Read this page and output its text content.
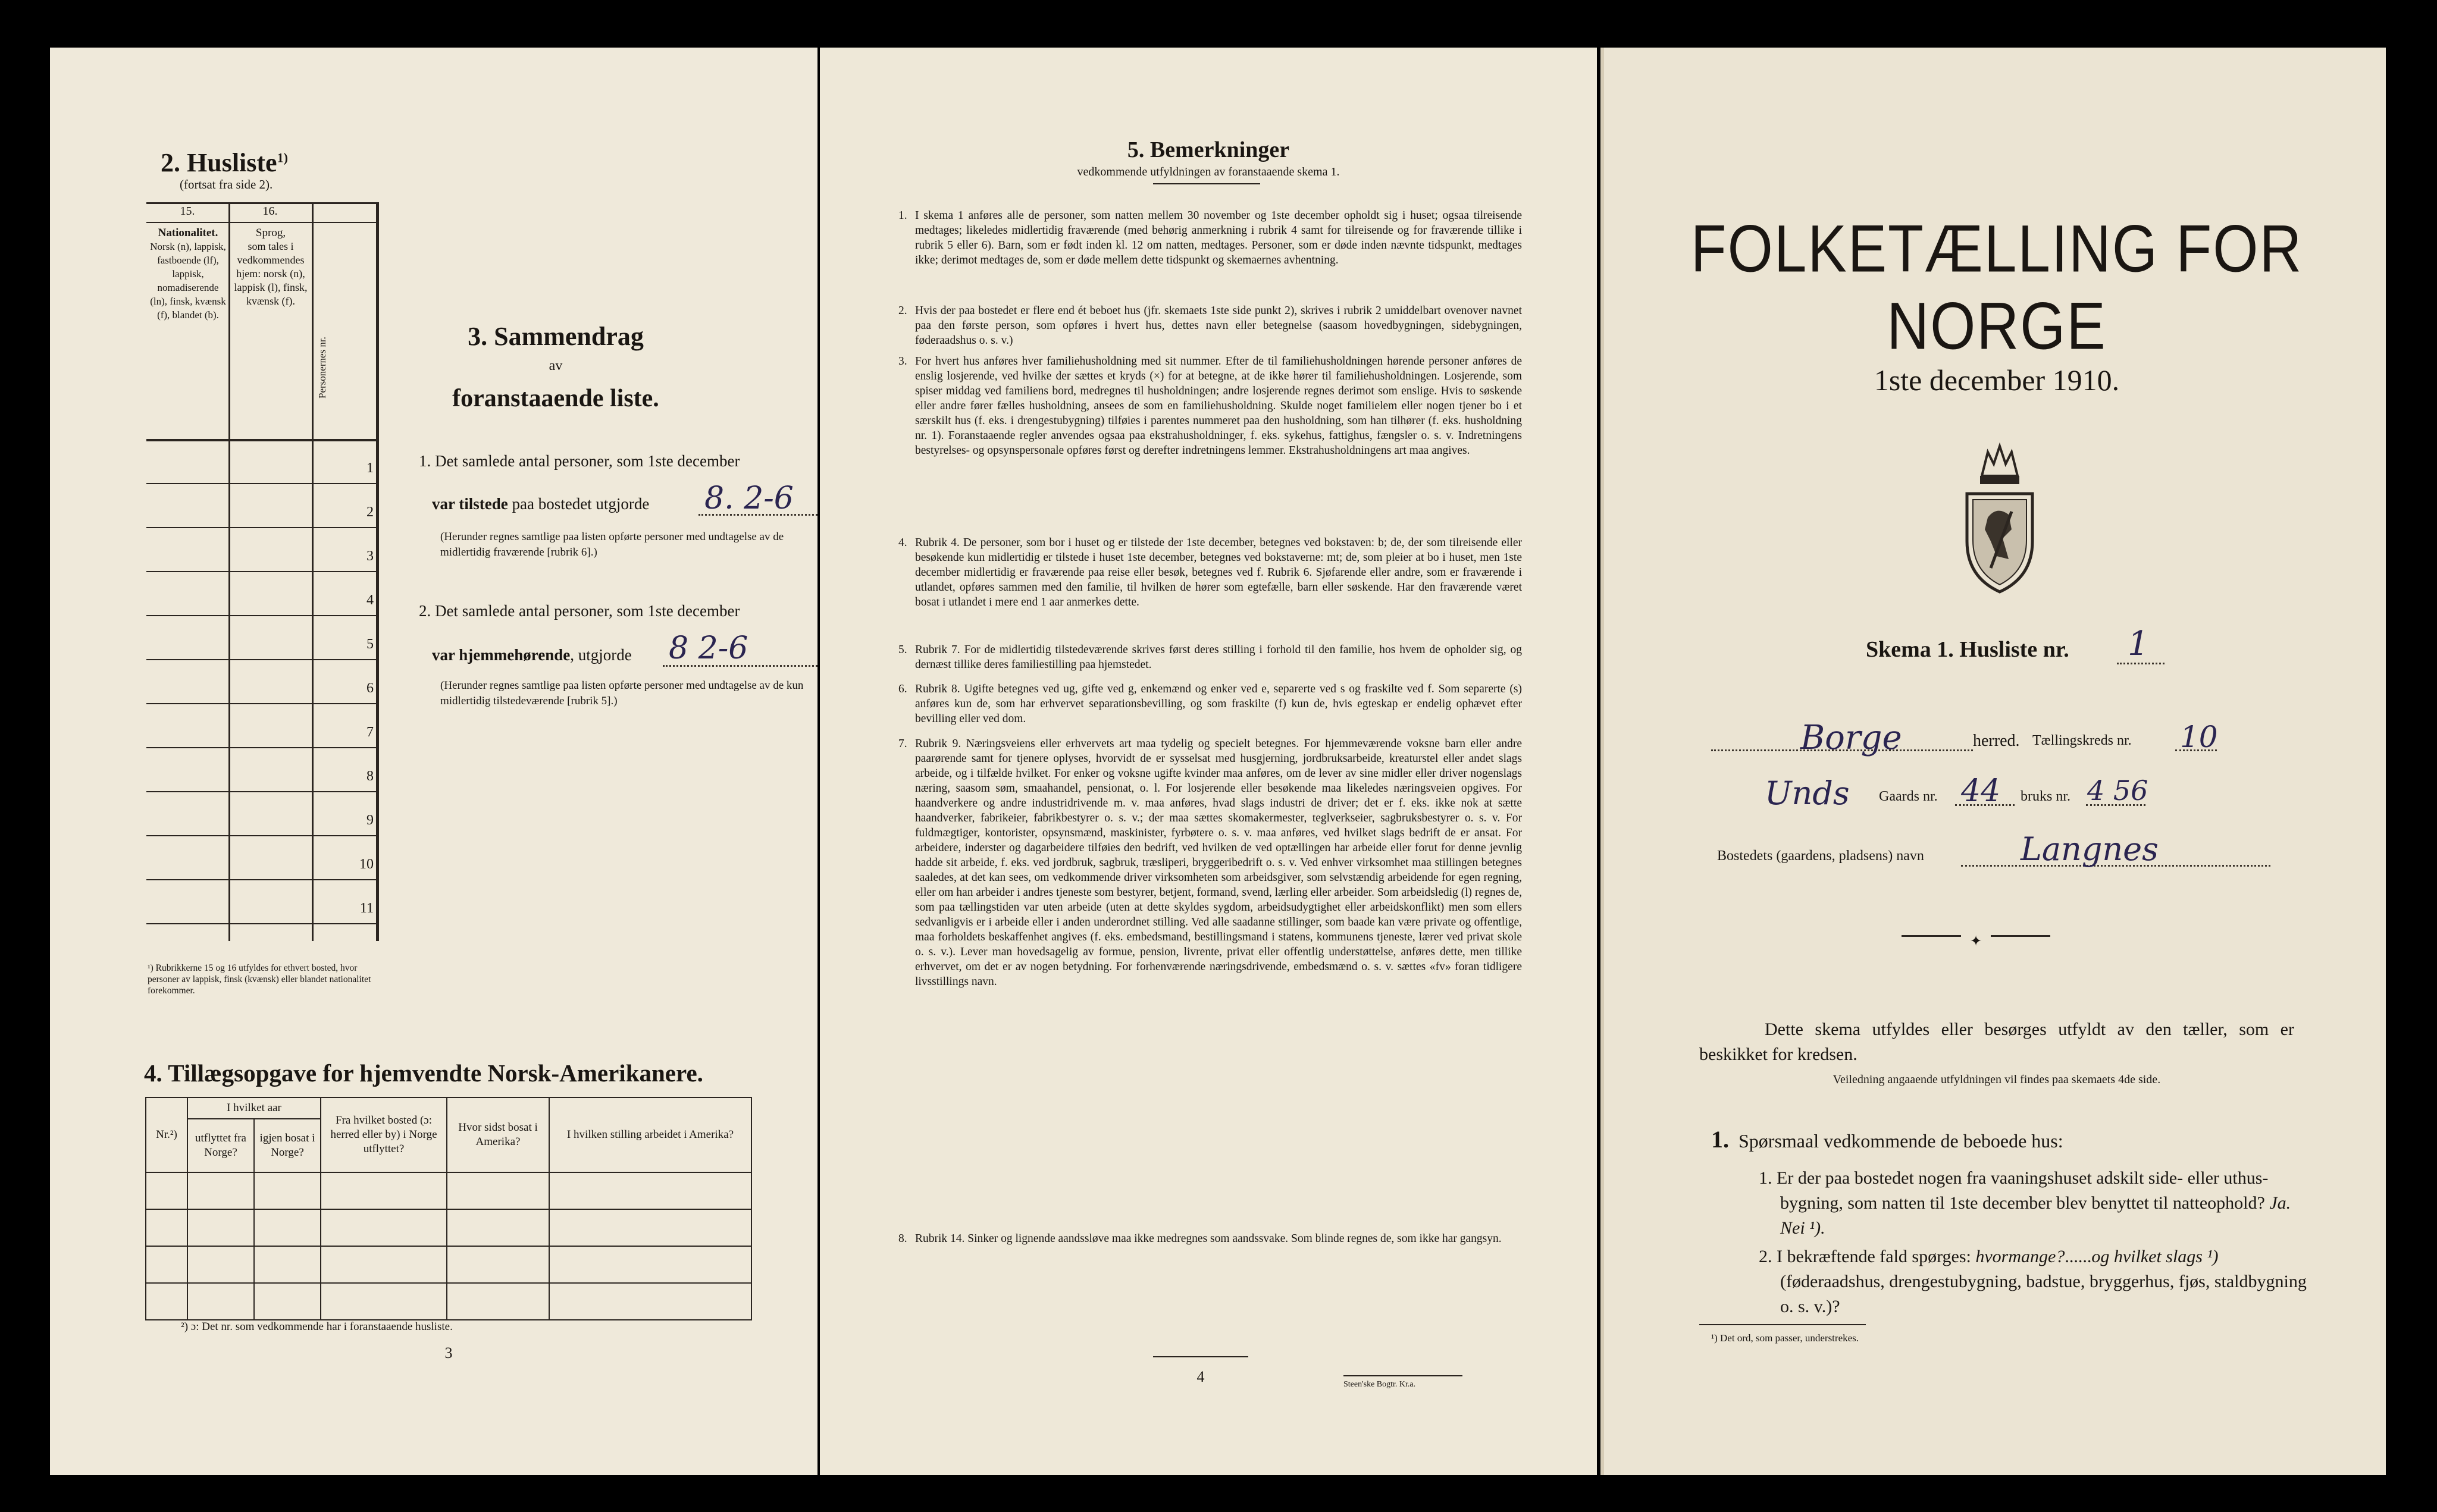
2. Husliste$^{1)}$
(fortsat fra side 2).
15.	16.
Nationalitet.
Norsk (n), lappisk, fastboende (lf), lappisk, nomadiserende (ln), finsk, kvænsk (f), blandet (b).
Sprog,
som tales i vedkommendes hjem: norsk (n), lappisk (l), finsk, kvænsk (f).
Personernes nr.
1
2
3
4
5
6
7
8
9
10
11
¹) Rubrikkerne 15 og 16 utfyldes for ethvert bosted, hvor personer av lappisk, finsk (kvænsk) eller blandet nationalitet forekommer.
3. Sammendrag
av
foranstaaende liste.
1. Det samlede antal personer, som 1ste december
var tilstede paa bostedet utgjorde 8. 2-6
(Herunder regnes samtlige paa listen opførte personer med undtagelse av de midlertidig fraværende [rubrik 6].)
2. Det samlede antal personer, som 1ste december
var hjemmehørende, utgjorde 8 2-6
(Herunder regnes samtlige paa listen opførte personer med undtagelse av de kun midlertidig tilstedeværende [rubrik 5].)
4. Tillægsopgave for hjemvendte Norsk-Amerikanere.
Nr.²)	I hvilket aar		Fra hvilket bosted (ɔ: herred eller by) i Norge utflyttet?	Hvor sidst bosat i Amerika?	I hvilken stilling arbeidet i Amerika?
	utflyttet fra Norge?	igjen bosat i Norge?			

²) ɔ: Det nr. som vedkommende har i foranstaaende husliste.
3
5. Bemerkninger
vedkommende utfyldningen av foranstaaende skema 1.
1. I skema 1 anføres alle de personer, som natten mellem 30 november og 1ste december opholdt sig i huset; ogsaa tilreisende medtages; likeledes midlertidig fraværende (med behørig anmerkning i rubrik 4 samt for tilreisende og for fraværende tillike i rubrik 5 eller 6). Barn, som er født inden kl. 12 om natten, medtages. Personer, som er døde inden nævnte tidspunkt, medtages ikke; derimot medtages de, som er døde mellem dette tidspunkt og skemaernes avhentning.
2. Hvis der paa bostedet er flere end ét beboet hus (jfr. skemaets 1ste side punkt 2), skrives i rubrik 2 umiddelbart ovenover navnet paa den første person, som opføres i hvert hus, dettes navn eller betegnelse (saasom hovedbygningen, sidebygningen, føderaadshus o. s. v.)
3. For hvert hus anføres hver familiehusholdning med sit nummer. Efter de til familiehusholdningen hørende personer anføres de enslig losjerende, ved hvilke der sættes et kryds (×) for at betegne, at de ikke hører til familiehusholdningen. Losjerende, som spiser middag ved familiens bord, medregnes til husholdningen; andre losjerende regnes derimot som enslige. Hvis to søskende eller andre fører fælles husholdning, ansees de som en familiehusholdning. Skulde noget familielem eller nogen tjener bo i et særskilt hus (f. eks. i drengestubygning) tilføies i parentes nummeret paa den husholdning, som han tilhører (f. eks. husholdning nr. 1). Foranstaaende regler anvendes ogsaa paa ekstrahusholdninger, f. eks. sykehus, fattighus, fængsler o. s. v. Indretningens bestyrelses- og opsynspersonale opføres først og derefter indretningens lemmer. Ekstrahusholdningens art maa angives.
4. Rubrik 4. De personer, som bor i huset og er tilstede der 1ste december, betegnes ved bokstaven: b; de, der som tilreisende eller besøkende kun midlertidig er tilstede i huset 1ste december, betegnes ved bokstaverne: mt; de, som pleier at bo i huset, men 1ste december midlertidig er fraværende paa reise eller besøk, betegnes ved f. Rubrik 6. Sjøfarende eller andre, som er fraværende i utlandet, opføres sammen med den familie, til hvilken de hører som egtefælle, barn eller søskende. Har den fraværende været bosat i utlandet i mere end 1 aar anmerkes dette.
5. Rubrik 7. For de midlertidig tilstedeværende skrives først deres stilling i forhold til den familie, hos hvem de opholder sig, og dernæst tillike deres familiestilling paa hjemstedet.
6. Rubrik 8. Ugifte betegnes ved ug, gifte ved g, enkemænd og enker ved e, separerte ved s og fraskilte ved f. Som separerte (s) anføres kun de, som har erhvervet separationsbevilling, og som fraskilte (f) kun de, hvis egteskap er endelig ophævet efter bevilling eller ved dom.
7. Rubrik 9. Næringsveiens eller erhvervets art maa tydelig og specielt betegnes. For hjemmeværende voksne barn eller andre paarørende samt for tjenere oplyses, hvorvidt de er sysselsat med husgjerning, jordbruksarbeide, kreaturstel eller andet slags arbeide, og i tilfælde hvilket. For enker og voksne ugifte kvinder maa anføres, om de lever av sine midler eller driver nogenslags næring, saasom søm, smaahandel, pensionat, o. l. For losjerende eller besøkende maa likeledes næringsveien opgives. For haandverkere og andre industridrivende m. v. maa anføres, hvad slags industri de driver; det er f. eks. ikke nok at sætte haandverker, fabrikeier, fabrikbestyrer o. s. v.; der maa sættes skomakermester, teglverkseier, sagbruksbestyrer o. s. v. For fuldmægtiger, kontorister, opsynsmænd, maskinister, fyrbøtere o. s. v. maa anføres, ved hvilket slags bedrift de er ansat. For arbeidere, inderster og dagarbeidere tilføies den bedrift, ved hvilken de ved optællingen har arbeide eller forut for denne jevnlig hadde sit arbeide, f. eks. ved jordbruk, sagbruk, træsliperi, bryggeribedrift o. s. v. Ved enhver virksomhet maa stillingen betegnes saaledes, at det kan sees, om vedkommende driver virksomheten som arbeidsgiver, som selvstændig arbeidende for egen regning, eller om han arbeider i andres tjeneste som bestyrer, betjent, formand, svend, lærling eller arbeider. Som arbeidsledig (l) regnes de, som paa tællingstiden var uten arbeide (uten at dette skyldes sygdom, arbeidsudygtighet eller arbeidskonflikt) men som ellers sedvanligvis er i arbeide eller i anden underordnet stilling. Ved alle saadanne stillinger, som baade kan være private og offentlige, maa forholdets beskaffenhet angives (f. eks. embedsmand, bestillingsmand i statens, kommunens tjeneste, lærer ved privat skole o. s. v.). Lever man hovedsagelig av formue, pension, livrente, privat eller offentlig understøttelse, anføres dette, men tillike erhvervet, om det er av nogen betydning. For forhenværende næringsdrivende, embedsmænd o. s. v. sættes «fv» foran tidligere livsstillings navn.
8. Rubrik 14. Sinker og lignende aandssløve maa ikke medregnes som aandssvake. Som blinde regnes de, som ikke har gangsyn.
4	Steen'ske Bogtr. Kr.a.
FOLKETÆLLING FOR NORGE
1ste december 1910.
Skema 1. Husliste nr. 1
Borge	herred. Tællingskreds nr. 10
Unds Gaards nr. 44 bruks nr. 4 56
Bostedets (gaardens, pladsens) navn	Langnes
✦
Dette skema utfyldes eller besørges utfyldt av den tæller, som er beskikket for kredsen.
Veiledning angaaende utfyldningen vil findes paa skemaets 4de side.
1. Spørsmaal vedkommende de beboede hus:
1. Er der paa bostedet nogen fra vaaningshuset adskilt side- eller uthus-bygning, som natten til 1ste december blev benyttet til natteophold? Ja. Nei ¹).
2. I bekræftende fald spørges: hvormange?......og hvilket slags ¹) (føderaadshus, drengestubygning, badstue, bryggerhus, fjøs, staldbygning o. s. v.)?
¹) Det ord, som passer, understrekes.
